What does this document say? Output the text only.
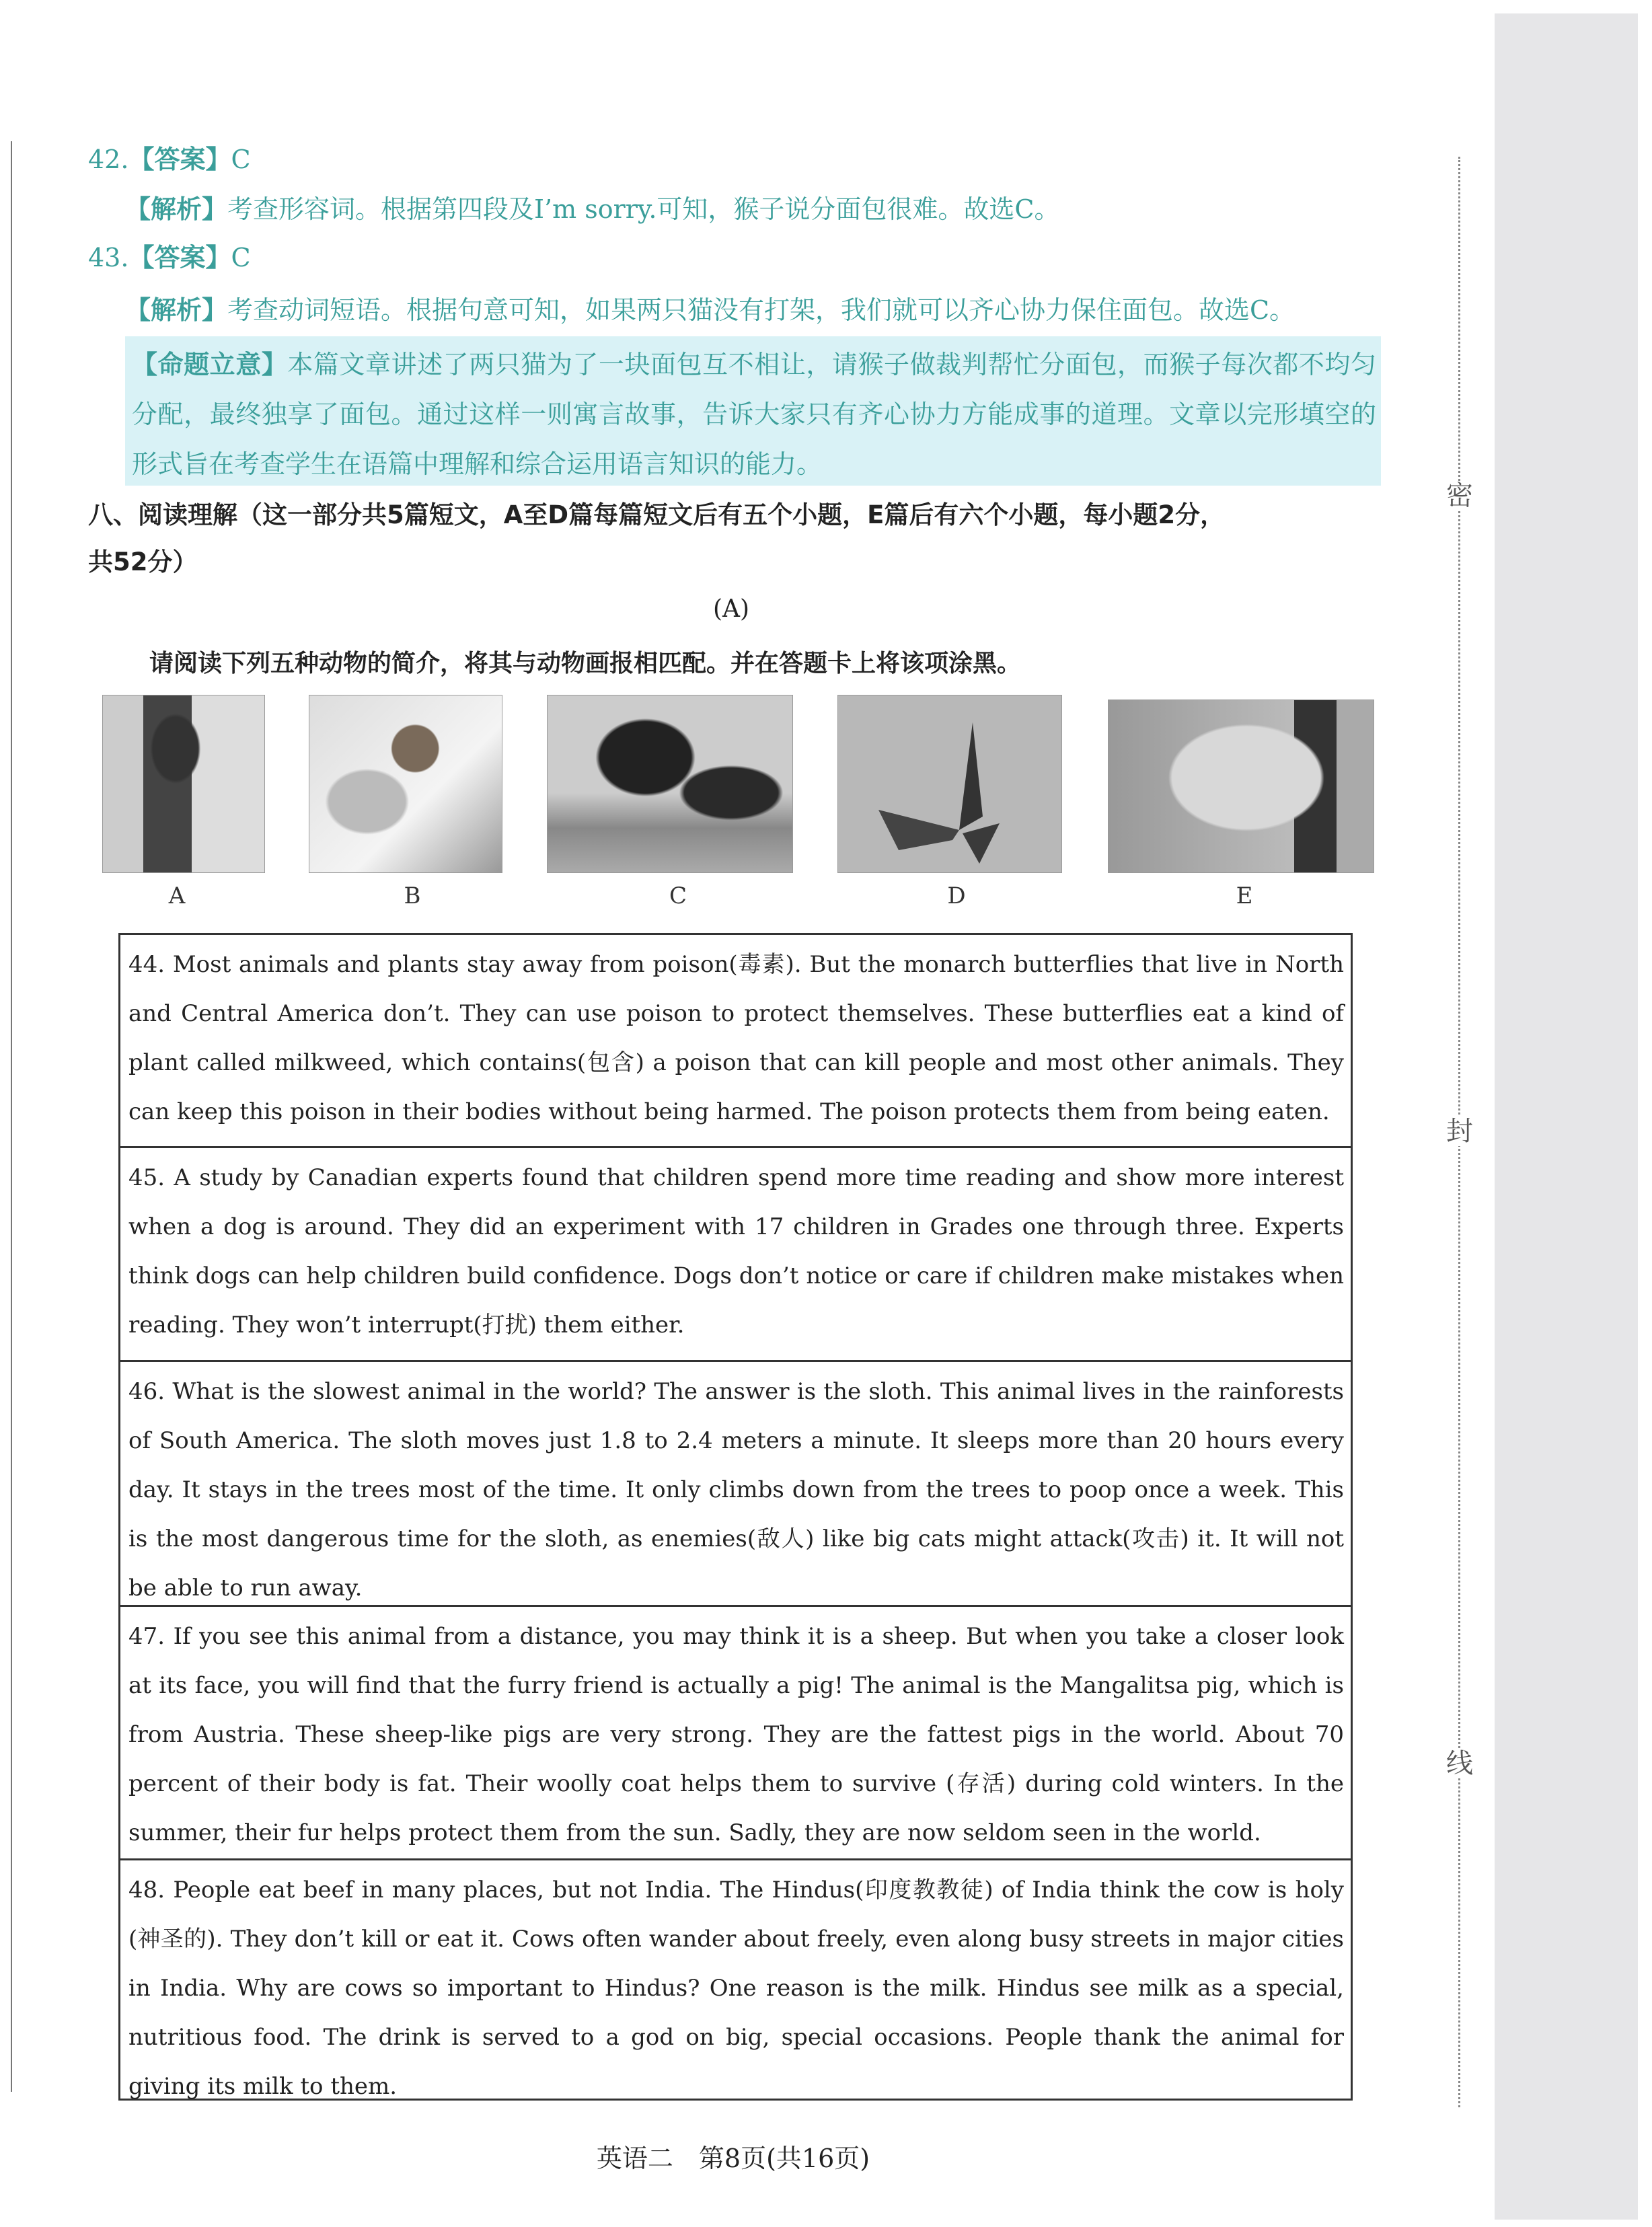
42.【答案】C
【解析】考查形容词。根据第四段及I’m sorry.可知，猴子说分面包很难。故选C。
43.【答案】C
【解析】考查动词短语。根据句意可知，如果两只猫没有打架，我们就可以齐心协力保住面包。故选C。
【命题立意】本篇文章讲述了两只猫为了一块面包互不相让，请猴子做裁判帮忙分面包，而猴子每次都不均匀分配，最终独享了面包。通过这样一则寓言故事，告诉大家只有齐心协力方能成事的道理。文章以完形填空的形式旨在考查学生在语篇中理解和综合运用语言知识的能力。
八、阅读理解（这一部分共5篇短文，A至D篇每篇短文后有五个小题，E篇后有六个小题，每小题2分，
共52分）
(A)
请阅读下列五种动物的简介，将其与动物画报相匹配。并在答题卡上将该项涂黑。
A	B	C	D	E
44. Most animals and plants stay away from poison(毒素). But the monarch butterflies that live in North and Central America don’t. They can use poison to protect themselves. These butterflies eat a kind of plant called milkweed, which contains(包含) a poison that can kill people and most other animals. They can keep this poison in their bodies without being harmed. The poison protects them from being eaten.
45. A study by Canadian experts found that children spend more time reading and show more interest when a dog is around. They did an experiment with 17 children in Grades one through three. Experts think dogs can help children build confidence. Dogs don’t notice or care if children make mistakes when reading. They won’t interrupt(打扰) them either.
46. What is the slowest animal in the world? The answer is the sloth. This animal lives in the rainforests of South America. The sloth moves just 1.8 to 2.4 meters a minute. It sleeps more than 20 hours every day. It stays in the trees most of the time. It only climbs down from the trees to poop once a week. This is the most dangerous time for the sloth, as enemies(敌人) like big cats might attack(攻击) it. It will not be able to run away.
47. If you see this animal from a distance, you may think it is a sheep. But when you take a closer look at its face, you will find that the furry friend is actually a pig! The animal is the Mangalitsa pig, which is from Austria. These sheep-like pigs are very strong. They are the fattest pigs in the world. About 70 percent of their body is fat. Their woolly coat helps them to survive (存活) during cold winters. In the summer, their fur helps protect them from the sun. Sadly, they are now seldom seen in the world.
48. People eat beef in many places, but not India. The Hindus(印度教教徒) of India think the cow is holy (神圣的). They don’t kill or eat it. Cows often wander about freely, even along busy streets in major cities in India. Why are cows so important to Hindus? One reason is the milk. Hindus see milk as a special, nutritious food. The drink is served to a god on big, special occasions. People thank the animal for giving its milk to them.
英语二　第8页(共16页)
密
封
线
